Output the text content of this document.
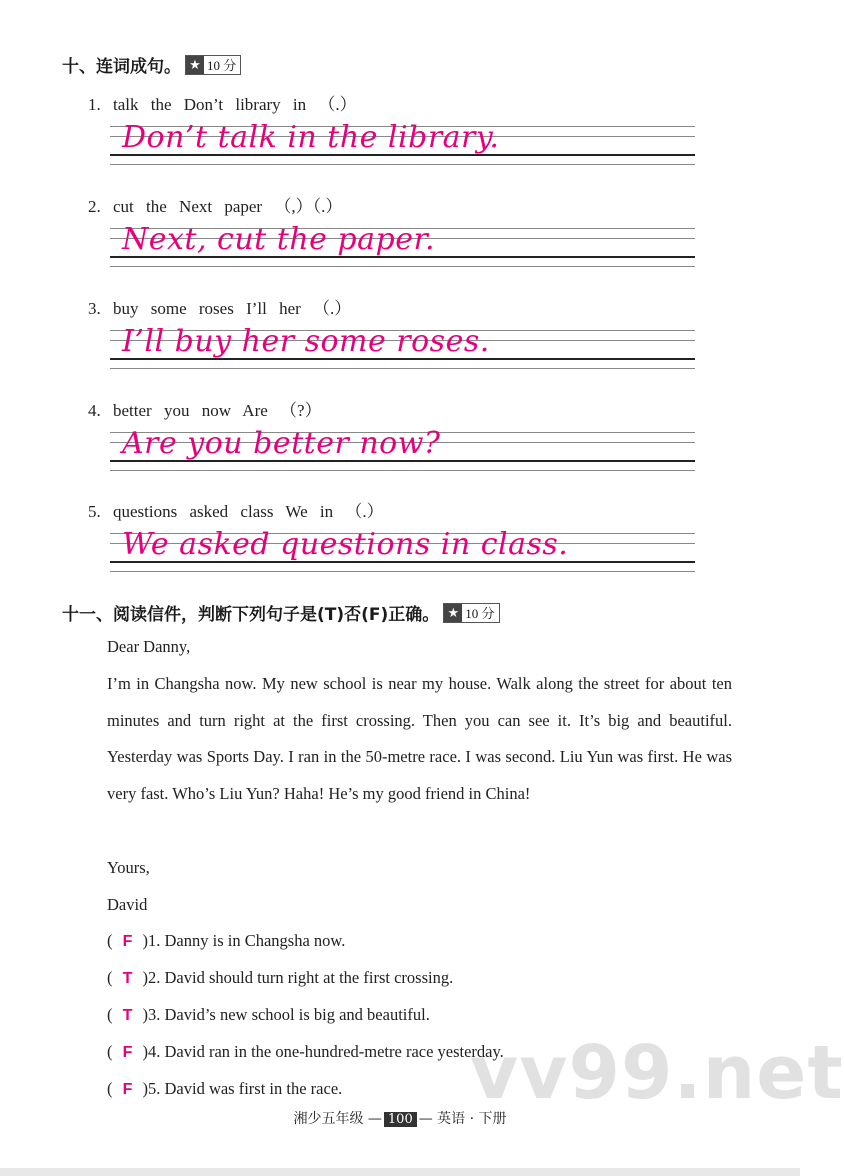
十、连词成句。 ★ 10 分
1. talk the Don’t library in （.）
Don’t talk in the library.
2. cut the Next paper （,）（.）
Next, cut the paper.
3. buy some roses I’ll her （.）
I’ll buy her some roses.
4. better you now Are （?）
Are you better now?
5. questions asked class We in （.）
We asked questions in class.
十一、阅读信件，判断下列句子是(T)否(F)正确。 ★ 10 分
Dear Danny,
I’m in Changsha now. My new school is near my house. Walk along the street for about ten minutes and turn right at the first crossing. Then you can see it. It’s big and beautiful. Yesterday was Sports Day. I ran in the 50-metre race. I was second. Liu Yun was first. He was very fast. Who’s Liu Yun? Haha! He’s my good friend in China!
Yours,
David
( F )1. Danny is in Changsha now.
( T )2. David should turn right at the first crossing.
( T )3. David’s new school is big and beautiful.
( F )4. David ran in the one-hundred-metre race yesterday.
( F )5. David was first in the race. vv99.net
湘少五年级 — 100 — 英语 · 下册
